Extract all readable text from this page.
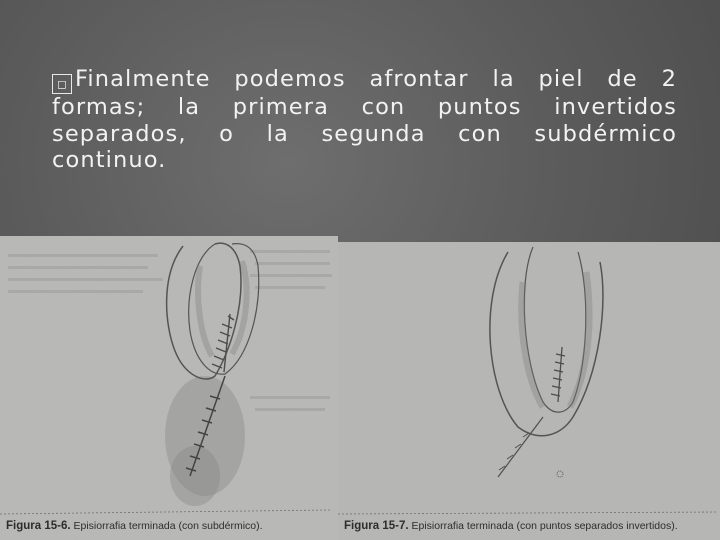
◻ Finalmente podemos afrontar la piel de 2 formas; la primera con puntos invertidos separados, o la segunda con subdérmico continuo.
Figura 15-6. Episiorrafia terminada (con subdérmico).	Figura 15-7. Episiorrafia terminada (con puntos separados invertidos).
